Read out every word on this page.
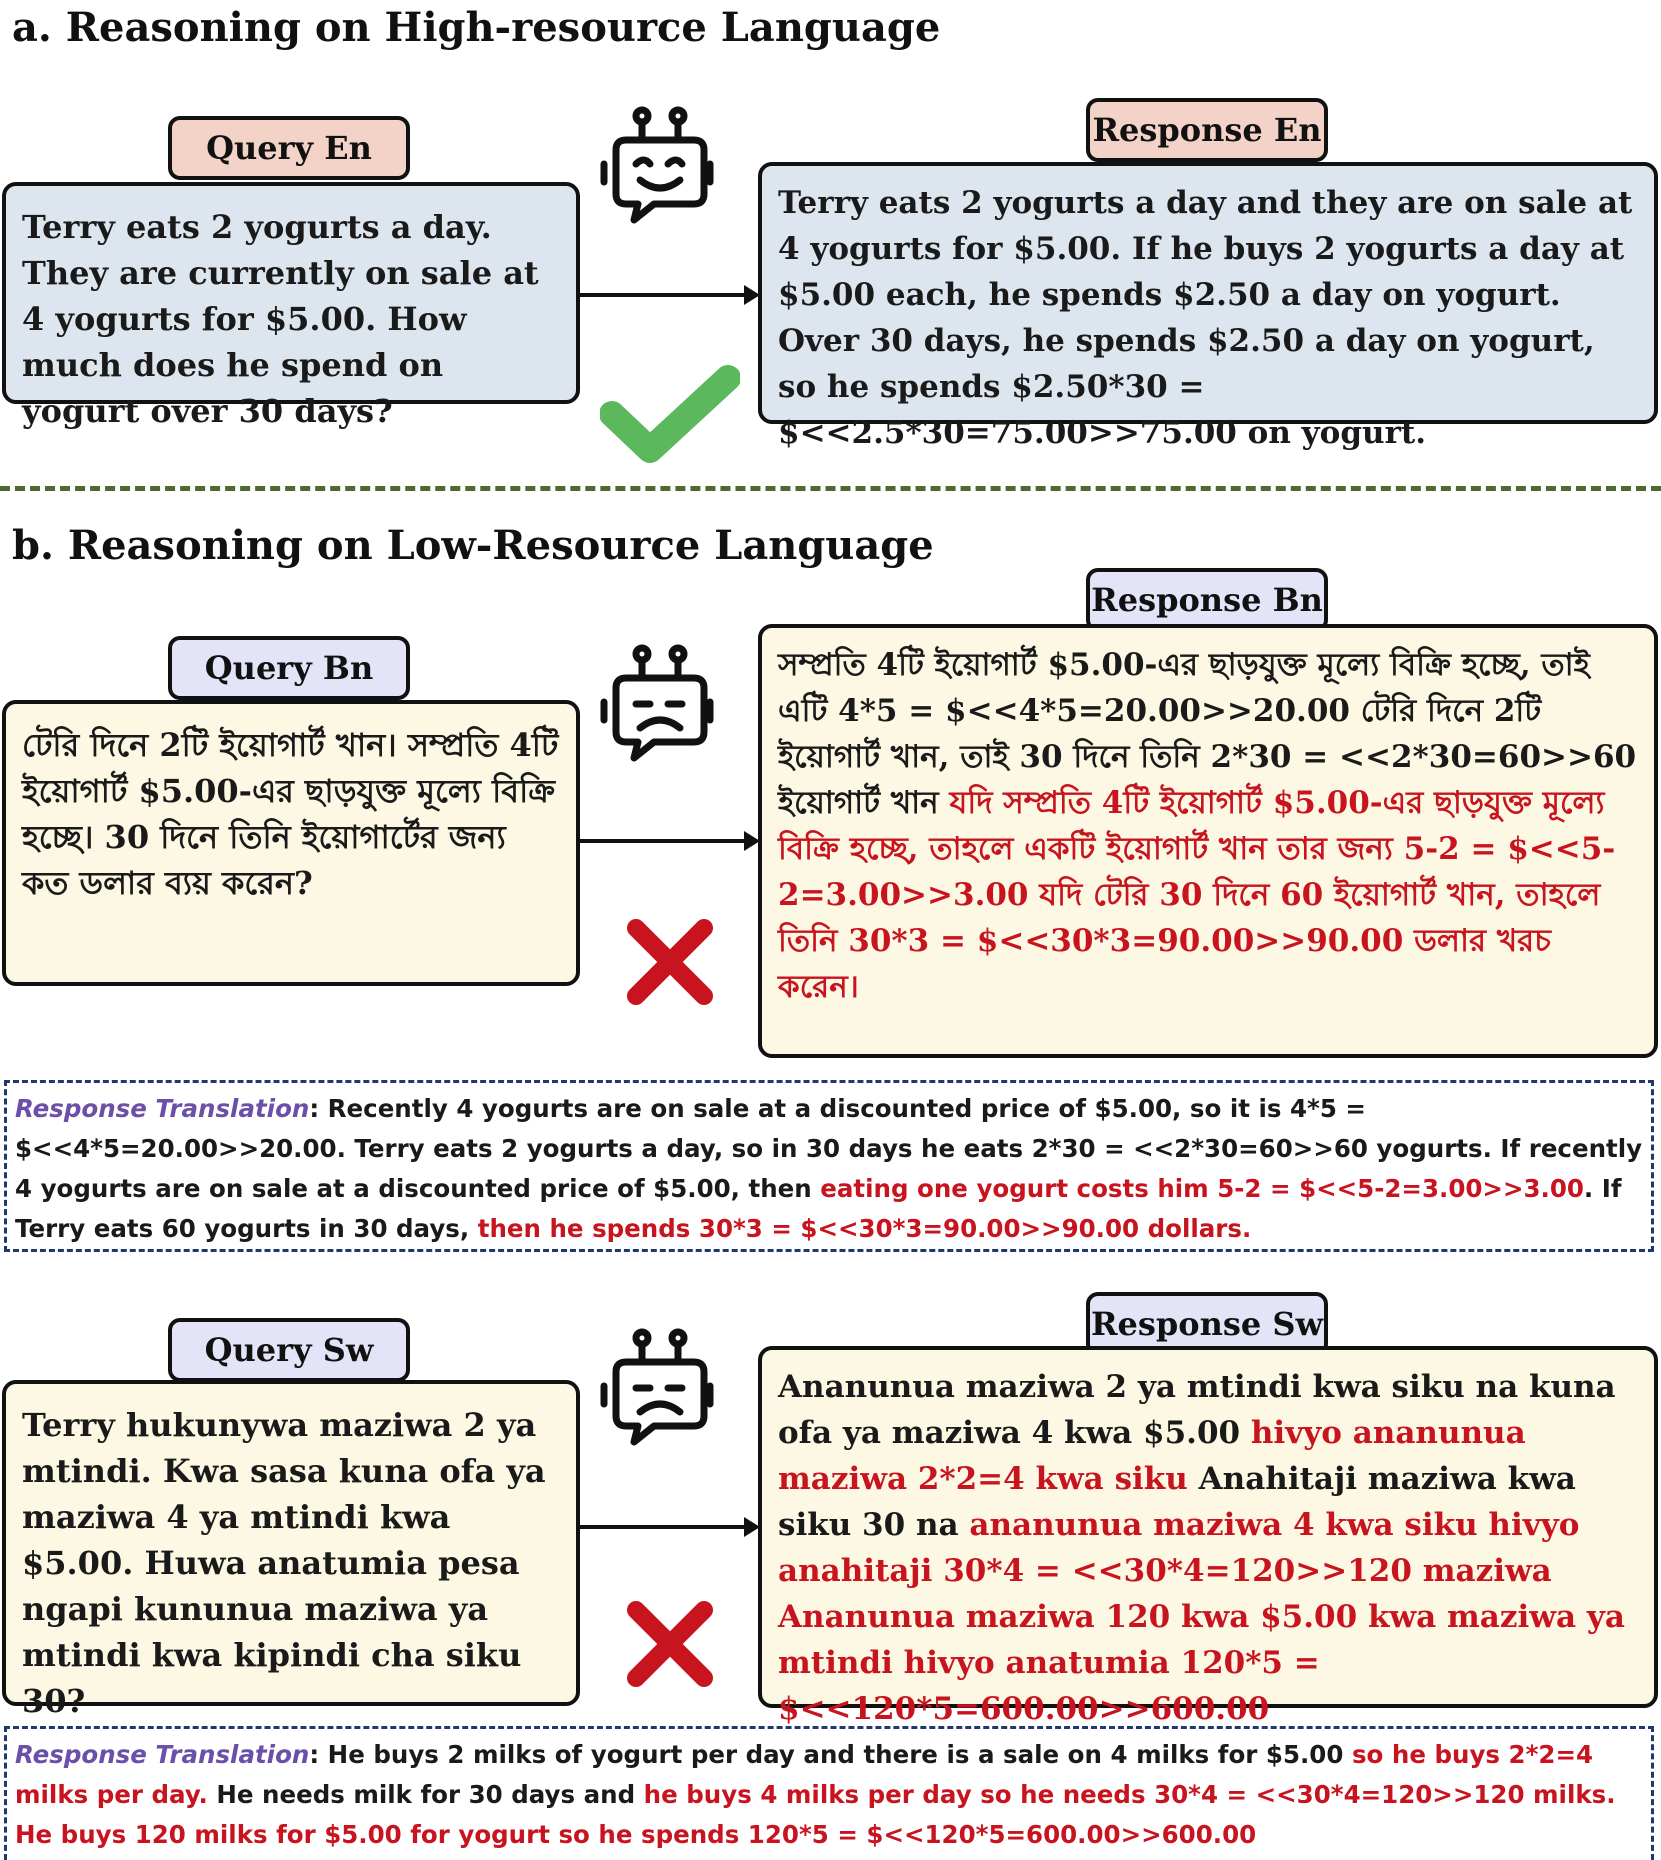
a. Reasoning on High-resource Language
Query En
Terry eats 2 yogurts a day. They are currently on sale at 4 yogurts for $5.00. How much does he spend on yogurt over 30 days?
Response En
Terry eats 2 yogurts a day and they are on sale at 4 yogurts for $5.00. If he buys 2 yogurts a day at $5.00 each, he spends $2.50 a day on yogurt. Over 30 days, he spends $2.50 a day on yogurt, so he spends $2.50*30 = $<<2.5*30=75.00>>75.00 on yogurt.
b. Reasoning on Low-Resource Language
Query Bn
টেরি দিনে 2টি ইয়োগার্ট খান। সম্প্রতি 4টি ইয়োগার্ট $5.00-এর ছাড়যুক্ত মূল্যে বিক্রি হচ্ছে। 30 দিনে তিনি ইয়োগার্টের জন্য কত ডলার ব্যয় করেন?
Response Bn
সম্প্রতি 4টি ইয়োগার্ট $5.00-এর ছাড়যুক্ত মূল্যে বিক্রি হচ্ছে, তাই এটি 4*5 = $<<4*5=20.00>>20.00 টেরি দিনে 2টি ইয়োগার্ট খান, তাই 30 দিনে তিনি 2*30 = <<2*30=60>>60 ইয়োগার্ট খান যদি সম্প্রতি 4টি ইয়োগার্ট $5.00-এর ছাড়যুক্ত মূল্যে বিক্রি হচ্ছে, তাহলে একটি ইয়োগার্ট খান তার জন্য 5-2 = $<<5-2=3.00>>3.00 যদি টেরি 30 দিনে 60 ইয়োগার্ট খান, তাহলে তিনি 30*3 = $<<30*3=90.00>>90.00 ডলার খরচ করেন।
Response Translation: Recently 4 yogurts are on sale at a discounted price of $5.00, so it is 4*5 = $<<4*5=20.00>>20.00. Terry eats 2 yogurts a day, so in 30 days he eats 2*30 = <<2*30=60>>60 yogurts. If recently 4 yogurts are on sale at a discounted price of $5.00, then eating one yogurt costs him 5-2 = $<<5-2=3.00>>3.00. If Terry eats 60 yogurts in 30 days, then he spends 30*3 = $<<30*3=90.00>>90.00 dollars.
Query Sw
Terry hukunywa maziwa 2 ya mtindi. Kwa sasa kuna ofa ya maziwa 4 ya mtindi kwa $5.00. Huwa anatumia pesa ngapi kununua maziwa ya mtindi kwa kipindi cha siku 30?
Response Sw
Ananunua maziwa 2 ya mtindi kwa siku na kuna ofa ya maziwa 4 kwa $5.00 hivyo ananunua maziwa 2*2=4 kwa siku Anahitaji maziwa kwa siku 30 na ananunua maziwa 4 kwa siku hivyo anahitaji 30*4 = <<30*4=120>>120 maziwa Ananunua maziwa 120 kwa $5.00 kwa maziwa ya mtindi hivyo anatumia 120*5 = $<<120*5=600.00>>600.00
Response Translation: He buys 2 milks of yogurt per day and there is a sale on 4 milks for $5.00 so he buys 2*2=4 milks per day. He needs milk for 30 days and he buys 4 milks per day so he needs 30*4 = <<30*4=120>>120 milks. He buys 120 milks for $5.00 for yogurt so he spends 120*5 = $<<120*5=600.00>>600.00
